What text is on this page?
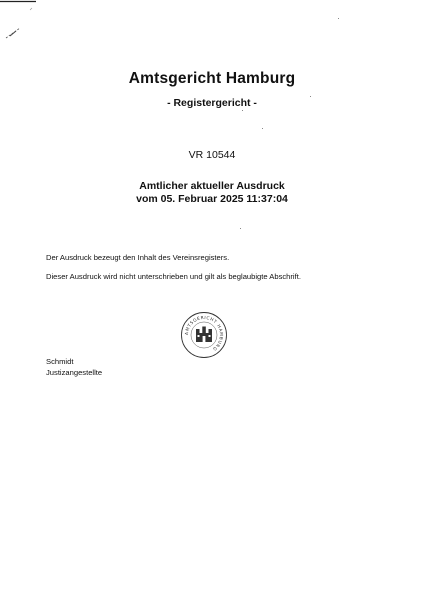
Amtsgericht Hamburg
- Registergericht -
VR 10544
Amtlicher aktueller Ausdruck
vom 05. Februar 2025 11:37:04
Der Ausdruck bezeugt den Inhalt des Vereinsregisters.
Dieser Ausdruck wird nicht unterschrieben und gilt als beglaubigte Abschrift.
AMTSGERICHT HAMBURG
Schmidt
Justizangestellte
